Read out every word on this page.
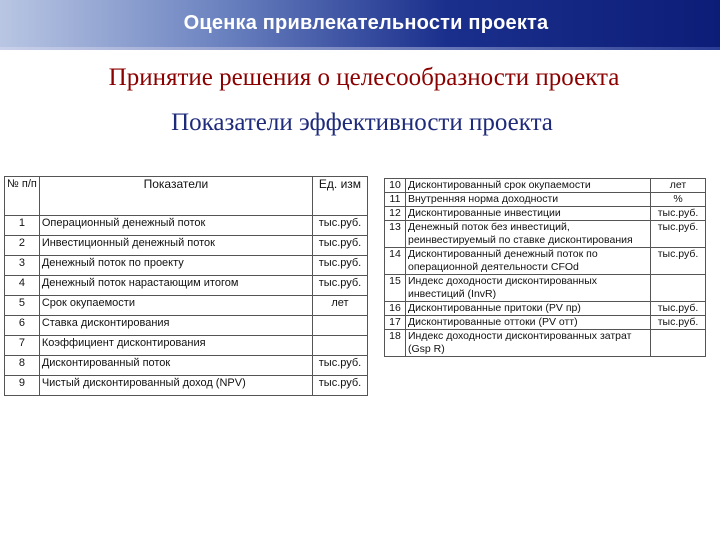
Оценка привлекательности проекта
Принятие решения о целесообразности проекта
Показатели эффективности проекта
№ п/п	Показатели	Ед. изм
1	Операционный денежный поток	тыс.руб.
2	Инвестиционный денежный поток	тыс.руб.
3	Денежный поток по проекту	тыс.руб.
4	Денежный поток нарастающим итогом	тыс.руб.
5	Срок окупаемости	лет
6	Ставка дисконтирования	
7	Коэффициент дисконтирования	
8	Дисконтированный поток	тыс.руб.
9	Чистый дисконтированный доход (NPV)	тыс.руб.
10	Дисконтированный срок окупаемости	лет
11	Внутренняя норма доходности	%
12	Дисконтированные инвестиции	тыс.руб.
13	Денежный поток без инвестиций, реинвестируемый по ставке дисконтирования	тыс.руб.
14	Дисконтированный денежный поток по операционной деятельности CFOd	тыс.руб.
15	Индекс доходности дисконтированных инвестиций (InvR)	
16	Дисконтированные притоки (PV пр)	тыс.руб.
17	Дисконтированные оттоки (PV отт)	тыс.руб.
18	Индекс доходности дисконтированных затрат (Gsp R)	
